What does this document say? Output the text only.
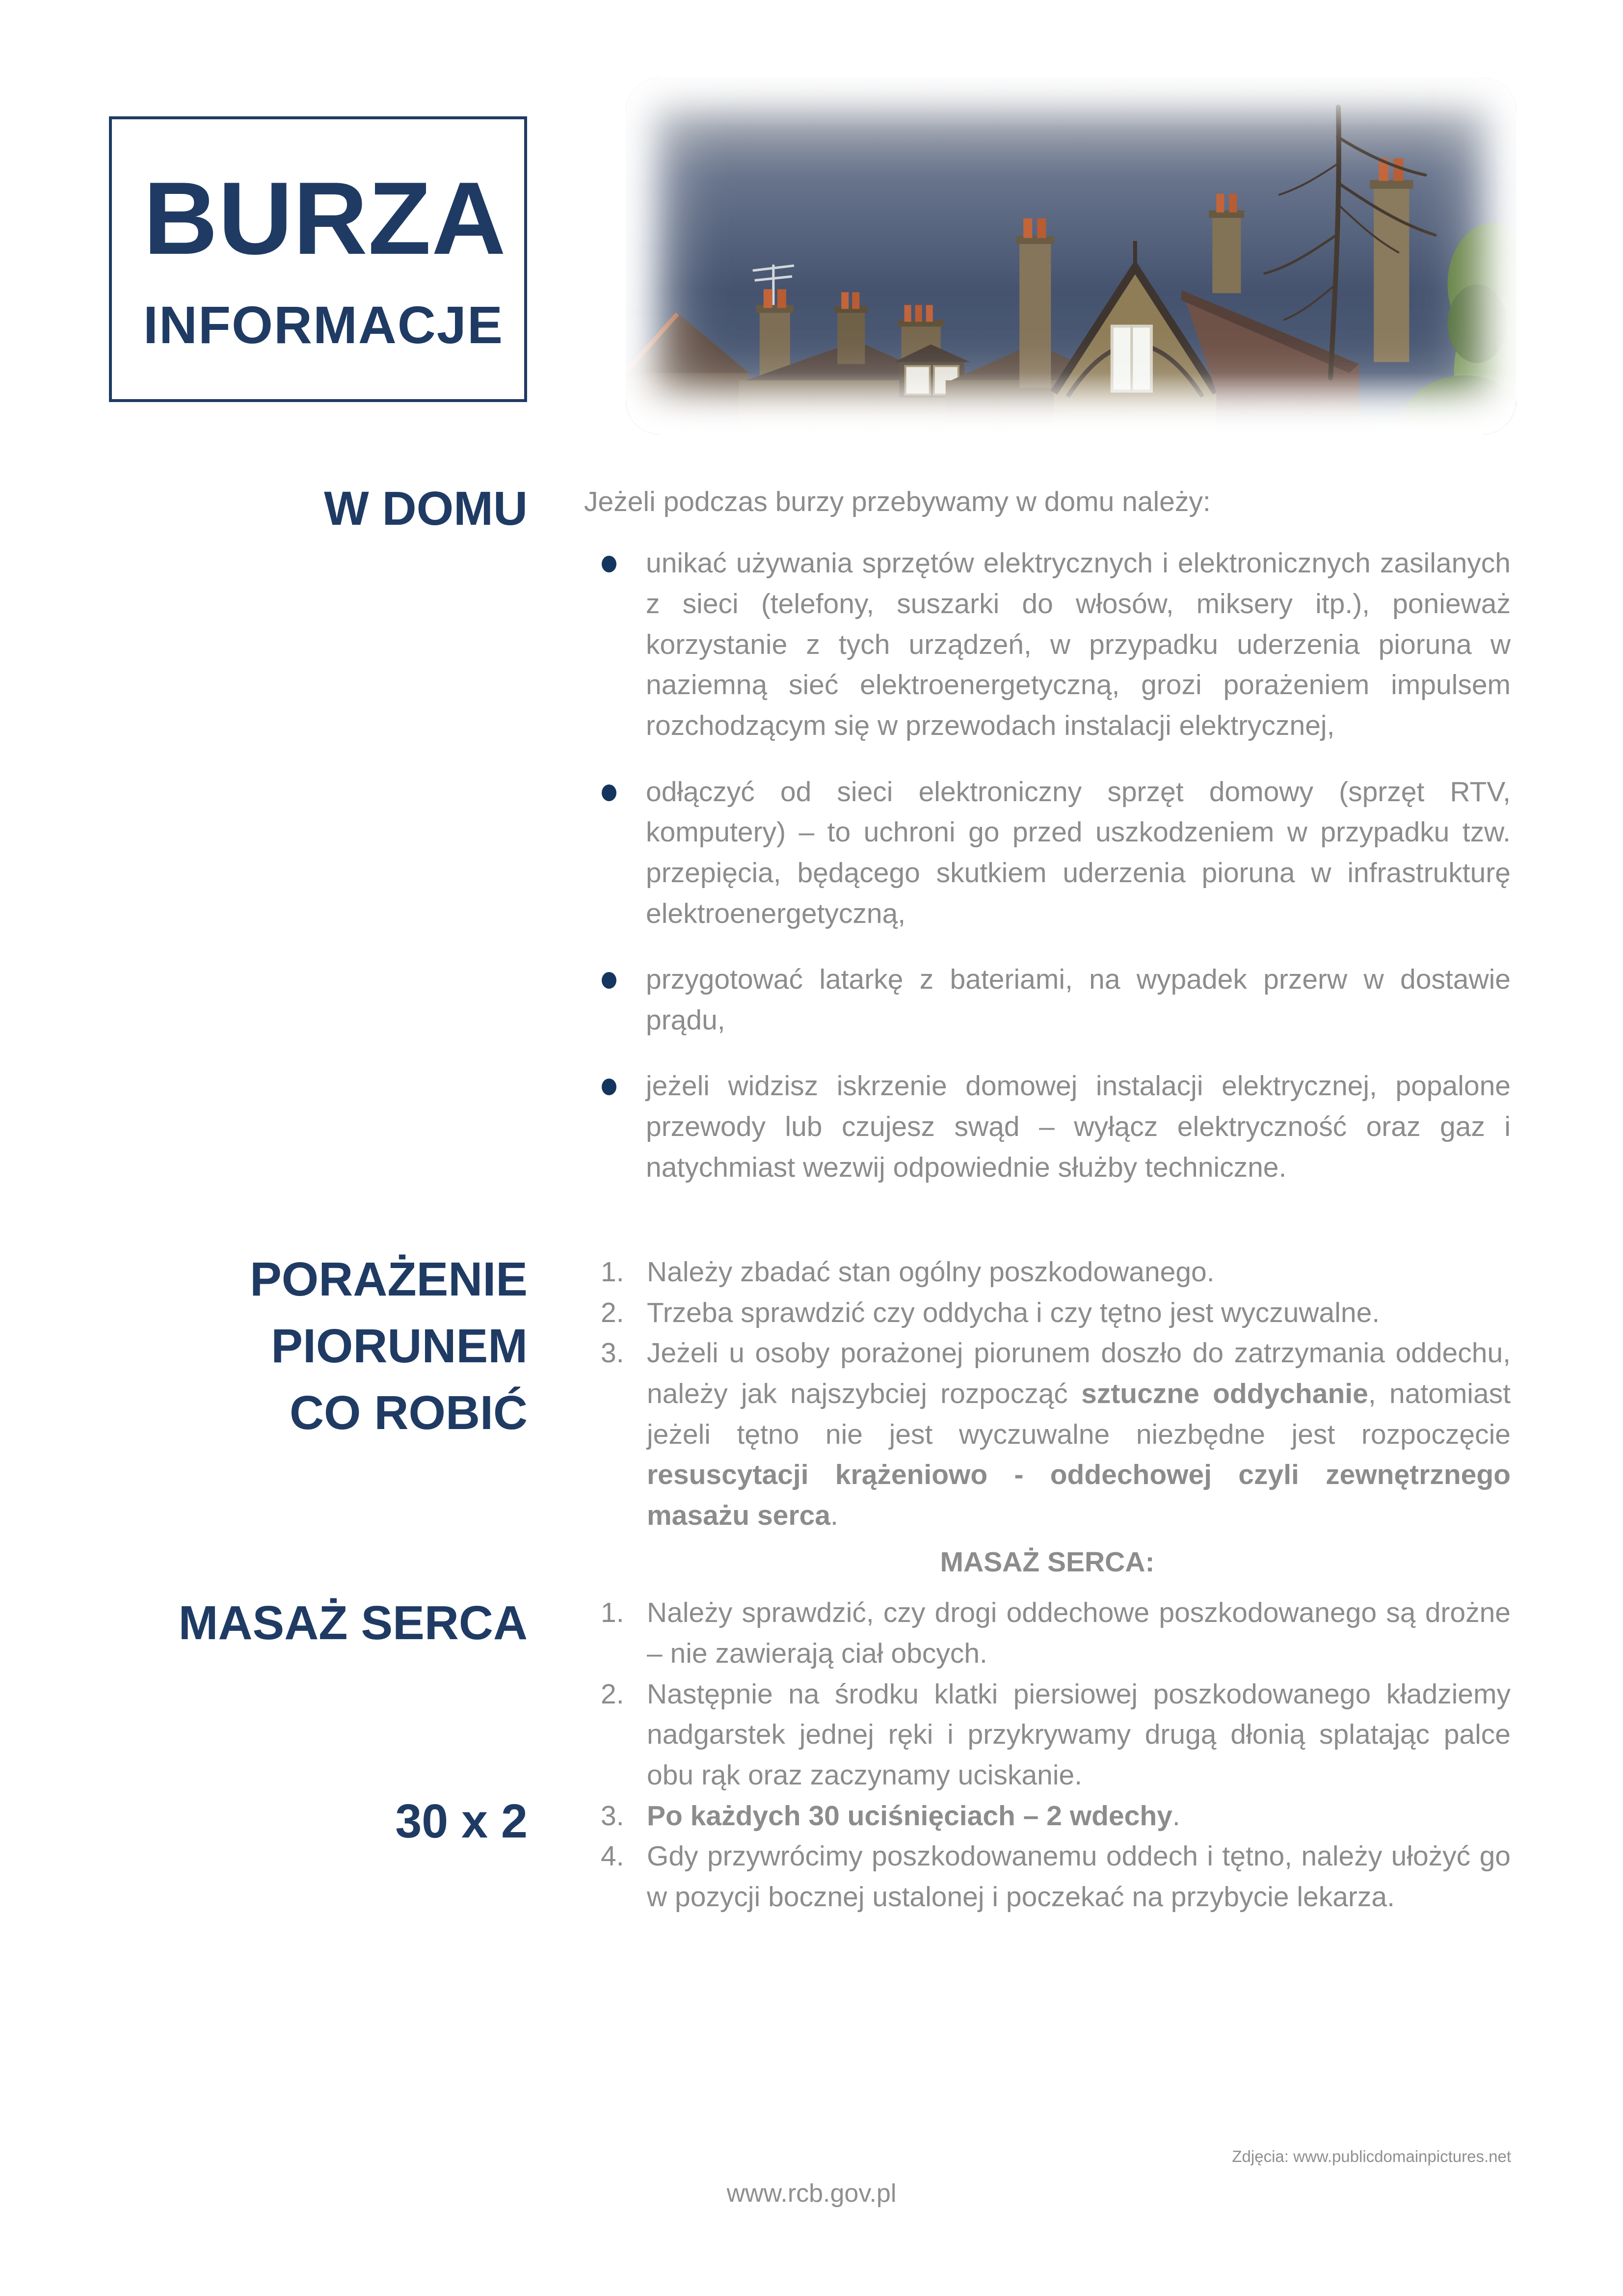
BURZA
INFORMACJE
W DOMU Jeżeli podczas burzy przebywamy w domu należy:

unikać używania sprzętów elektrycznych i elektronicznych zasilanych z sieci (telefony, suszarki do włosów, miksery itp.), ponieważ korzystanie z tych urządzeń, w przypadku uderzenia pioruna w naziemną sieć elektroenergetyczną, grozi porażeniem impulsem rozchodzącym się w przewodach instalacji elektrycznej,
odłączyć od sieci elektroniczny sprzęt domowy (sprzęt RTV, komputery) – to uchroni go przed uszkodzeniem w przypadku tzw. przepięcia, będącego skutkiem uderzenia pioruna w infrastrukturę elektroenergetyczną,
przygotować latarkę z bateriami, na wypadek przerw w dostawie prądu,
jeżeli widzisz iskrzenie domowej instalacji elektrycznej, popalone przewody lub czujesz swąd – wyłącz elektryczność oraz gaz i natychmiast wezwij odpowiednie służby techniczne.
PORAŻENIE
PIORUNEM
CO ROBIĆ
Należy zbadać stan ogólny poszkodowanego.
Trzeba sprawdzić czy oddycha i czy tętno jest wyczuwalne.
Jeżeli u osoby porażonej piorunem doszło do zatrzymania oddechu, należy jak najszybciej rozpocząć sztuczne oddychanie, natomiast jeżeli tętno nie jest wyczuwalne niezbędne jest rozpoczęcie resuscytacji krążeniowo - oddechowej czyli zewnętrznego masażu serca.
MASAŻ SERCA
30 x 2

MASAŻ SERCA:

Należy sprawdzić, czy drogi oddechowe poszkodowanego są drożne – nie zawierają ciał obcych.
Następnie na środku klatki piersiowej poszkodowanego kładziemy nadgarstek jednej ręki i przykrywamy drugą dłonią splatając palce obu rąk oraz zaczynamy uciskanie.
Po każdych 30 uciśnięciach – 2 wdechy.
Gdy przywrócimy poszkodowanemu oddech i tętno, należy ułożyć go w pozycji bocznej ustalonej i poczekać na przybycie lekarza.
Zdjęcia: www.publicdomainpictures.net
www.rcb.gov.pl
